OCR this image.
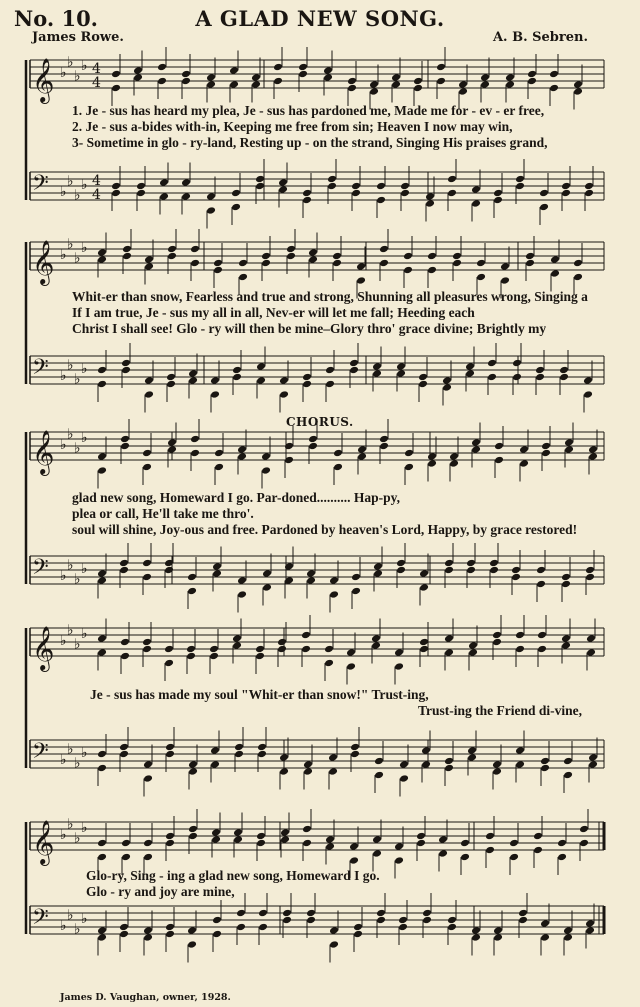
No. 10.	A GLAD NEW SONG.
James Rowe.	A. B. Sebren.
𝄞 ♭
♭
♭
♭ 4
4
𝄢 ♭
♭
♭
♭ 4
4
𝄞 ♭
♭
♭
♭
𝄢 ♭
♭
♭
♭
𝄞 ♭
♭
♭
♭
𝄢 ♭
♭
♭
♭
𝄞 ♭
♭
♭
♭
𝄢 ♭
♭
♭
♭
𝄞 ♭
♭
♭
♭
𝄢 ♭
♭
♭
♭
1. Je - sus has heard my plea, Je - sus has pardoned me, Made me for - ev - er free,
2. Je - sus a-bides with-in, Keeping me free from sin; Heaven I now may win,
3- Sometime in glo - ry-land, Resting up - on the strand, Singing His praises grand,
Whit-er than snow, Fearless and true and strong, Shunning all pleasures wrong, Singing a
If I am true, Je - sus my all in all, Nev-er will let me fall; Heeding each
Christ I shall see! Glo - ry will then be mine–Glory thro' grace divine; Brightly my
glad new song, Homeward I go. Par-doned.......... Hap-py,
plea or call, He'll take me thro'.
soul will shine, Joy-ous and free. Pardoned by heaven's Lord, Happy, by grace restored!
Je - sus has made my soul "Whit-er than snow!" Trust-ing,
Trust-ing the Friend di-vine,
Glo-ry, Sing - ing a glad new song, Homeward I go.
Glo - ry and joy are mine,
CHORUS.
James D. Vaughan, owner, 1928.
